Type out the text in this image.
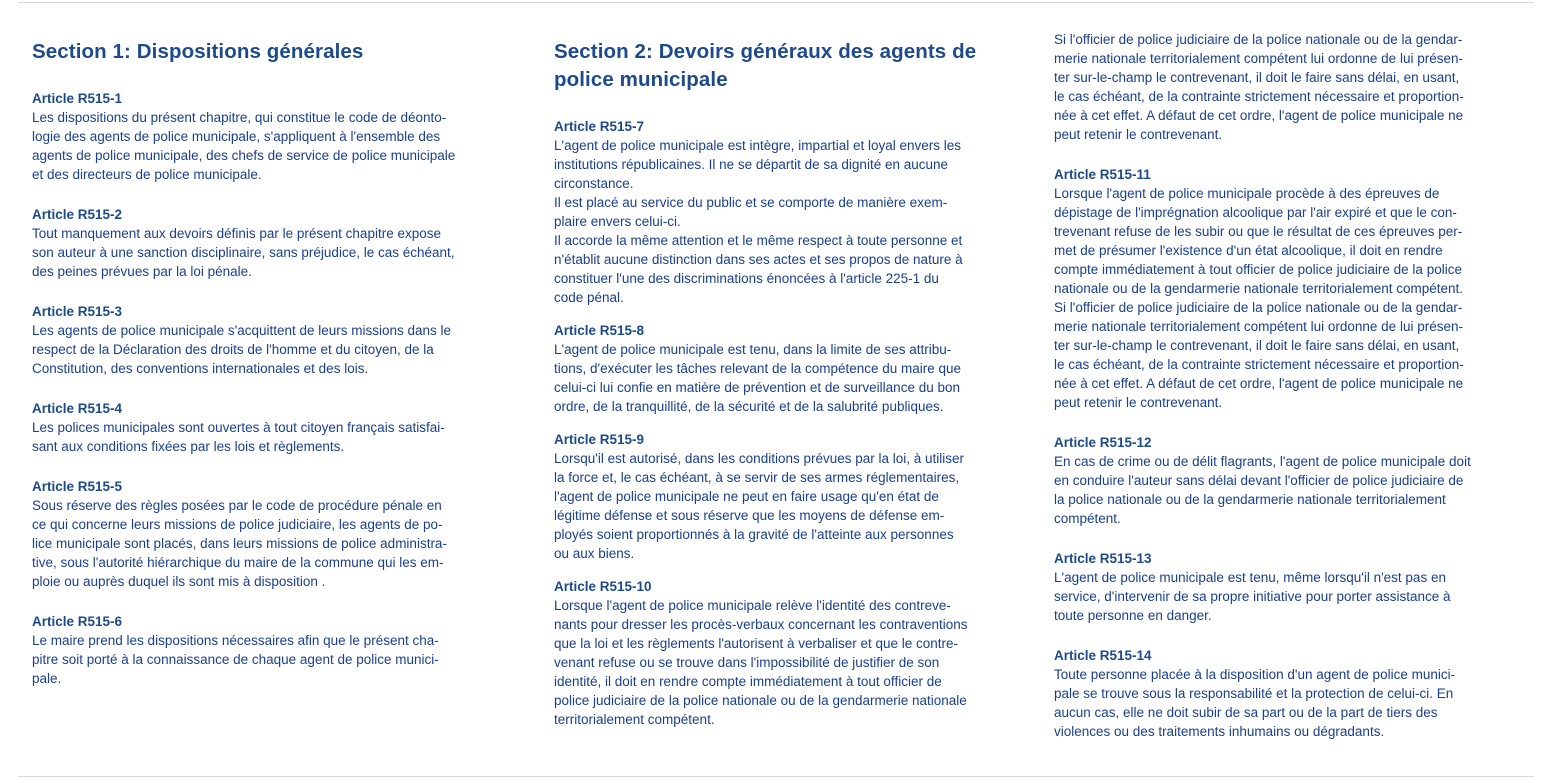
Section 1: Dispositions générales
Article R515-1
Les dispositions du présent chapitre, qui constitue le code de déonto-
logie des agents de police municipale, s'appliquent à l'ensemble des
agents de police municipale, des chefs de service de police municipale
et des directeurs de police municipale.
Article R515-2
Tout manquement aux devoirs définis par le présent chapitre expose
son auteur à une sanction disciplinaire, sans préjudice, le cas échéant,
des peines prévues par la loi pénale.
Article R515-3
Les agents de police municipale s'acquittent de leurs missions dans le
respect de la Déclaration des droits de l'homme et du citoyen, de la
Constitution, des conventions internationales et des lois.
Article R515-4
Les polices municipales sont ouvertes à tout citoyen français satisfai-
sant aux conditions fixées par les lois et règlements.
Article R515-5
Sous réserve des règles posées par le code de procédure pénale en
ce qui concerne leurs missions de police judiciaire, les agents de po-
lice municipale sont placés, dans leurs missions de police administra-
tive, sous l'autorité hiérarchique du maire de la commune qui les em-
ploie ou auprès duquel ils sont mis à disposition .
Article R515-6
Le maire prend les dispositions nécessaires afin que le présent cha-
pitre soit porté à la connaissance de chaque agent de police munici-
pale.
Section 2: Devoirs généraux des agents de police municipale
Article R515-7
L'agent de police municipale est intègre, impartial et loyal envers les
institutions républicaines. Il ne se départit de sa dignité en aucune
circonstance.
Il est placé au service du public et se comporte de manière exem-
plaire envers celui-ci.
Il accorde la même attention et le même respect à toute personne et
n'établit aucune distinction dans ses actes et ses propos de nature à
constituer l'une des discriminations énoncées à l'article 225-1 du
code pénal.
Article R515-8
L'agent de police municipale est tenu, dans la limite de ses attribu-
tions, d'exécuter les tâches relevant de la compétence du maire que
celui-ci lui confie en matière de prévention et de surveillance du bon
ordre, de la tranquillité, de la sécurité et de la salubrité publiques.
Article R515-9
Lorsqu'il est autorisé, dans les conditions prévues par la loi, à utiliser
la force et, le cas échéant, à se servir de ses armes réglementaires,
l'agent de police municipale ne peut en faire usage qu'en état de
légitime défense et sous réserve que les moyens de défense em-
ployés soient proportionnés à la gravité de l'atteinte aux personnes
ou aux biens.
Article R515-10
Lorsque l'agent de police municipale relève l'identité des contreve-
nants pour dresser les procès-verbaux concernant les contraventions
que la loi et les règlements l'autorisent à verbaliser et que le contre-
venant refuse ou se trouve dans l'impossibilité de justifier de son
identité, il doit en rendre compte immédiatement à tout officier de
police judiciaire de la police nationale ou de la gendarmerie nationale
territorialement compétent.
Si l'officier de police judiciaire de la police nationale ou de la gendar-
merie nationale territorialement compétent lui ordonne de lui présen-
ter sur-le-champ le contrevenant, il doit le faire sans délai, en usant,
le cas échéant, de la contrainte strictement nécessaire et proportion-
née à cet effet. A défaut de cet ordre, l'agent de police municipale ne
peut retenir le contrevenant.
Article R515-11
Lorsque l'agent de police municipale procède à des épreuves de
dépistage de l'imprégnation alcoolique par l'air expiré et que le con-
trevenant refuse de les subir ou que le résultat de ces épreuves per-
met de présumer l'existence d'un état alcoolique, il doit en rendre
compte immédiatement à tout officier de police judiciaire de la police
nationale ou de la gendarmerie nationale territorialement compétent.
Si l'officier de police judiciaire de la police nationale ou de la gendar-
merie nationale territorialement compétent lui ordonne de lui présen-
ter sur-le-champ le contrevenant, il doit le faire sans délai, en usant,
le cas échéant, de la contrainte strictement nécessaire et proportion-
née à cet effet. A défaut de cet ordre, l'agent de police municipale ne
peut retenir le contrevenant.
Article R515-12
En cas de crime ou de délit flagrants, l'agent de police municipale doit
en conduire l'auteur sans délai devant l'officier de police judiciaire de
la police nationale ou de la gendarmerie nationale territorialement
compétent.
Article R515-13
L'agent de police municipale est tenu, même lorsqu'il n'est pas en
service, d'intervenir de sa propre initiative pour porter assistance à
toute personne en danger.
Article R515-14
Toute personne placée à la disposition d'un agent de police munici-
pale se trouve sous la responsabilité et la protection de celui-ci. En
aucun cas, elle ne doit subir de sa part ou de la part de tiers des
violences ou des traitements inhumains ou dégradants.
